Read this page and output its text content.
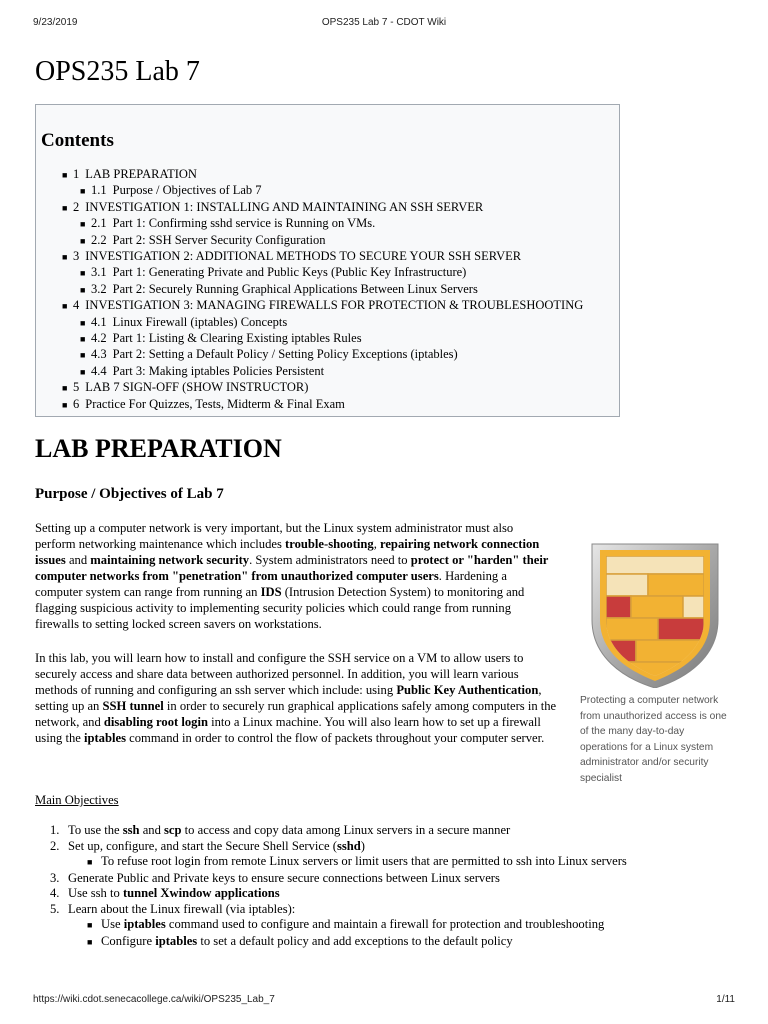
9/23/2019	OPS235 Lab 7 - CDOT Wiki
OPS235 Lab 7
Contents
■ 1 LAB PREPARATION
■ 1.1 Purpose / Objectives of Lab 7
■ 2 INVESTIGATION 1: INSTALLING AND MAINTAINING AN SSH SERVER
■ 2.1 Part 1: Confirming sshd service is Running on VMs.
■ 2.2 Part 2: SSH Server Security Configuration
■ 3 INVESTIGATION 2: ADDITIONAL METHODS TO SECURE YOUR SSH SERVER
■ 3.1 Part 1: Generating Private and Public Keys (Public Key Infrastructure)
■ 3.2 Part 2: Securely Running Graphical Applications Between Linux Servers
■ 4 INVESTIGATION 3: MANAGING FIREWALLS FOR PROTECTION & TROUBLESHOOTING
■ 4.1 Linux Firewall (iptables) Concepts
■ 4.2 Part 1: Listing & Clearing Existing iptables Rules
■ 4.3 Part 2: Setting a Default Policy / Setting Policy Exceptions (iptables)
■ 4.4 Part 3: Making iptables Policies Persistent
■ 5 LAB 7 SIGN-OFF (SHOW INSTRUCTOR)
■ 6 Practice For Quizzes, Tests, Midterm & Final Exam
LAB PREPARATION
Purpose / Objectives of Lab 7

Setting up a computer network is very important, but the Linux system administrator must also perform networking maintenance which includes trouble-shooting, repairing network connection issues and maintaining network security. System administrators need to protect or "harden" their computer networks from "penetration" from unauthorized computer users. Hardening a computer system can range from running an IDS (Intrusion Detection System) to monitoring and flagging suspicious activity to implementing security policies which could range from running firewalls to setting locked screen savers on workstations.

In this lab, you will learn how to install and configure the SSH service on a VM to allow users to securely access and share data between authorized personnel. In addition, you will learn various methods of running and configuring an ssh server which include: using Public Key Authentication, setting up an SSH tunnel in order to securely run graphical applications safely among computers in the network, and disabling root login into a Linux machine. You will also learn how to set up a firewall using the iptables command in order to control the flow of packets throughout your computer server.

Protecting a computer network from unauthorized access is one of the many day-to-day operations for a Linux system administrator and/or security specialist
Main Objectives
1. To use the ssh and scp to access and copy data among Linux servers in a secure manner
2. Set up, configure, and start the Secure Shell Service (sshd)
■ To refuse root login from remote Linux servers or limit users that are permitted to ssh into Linux servers
3. Generate Public and Private keys to ensure secure connections between Linux servers
4. Use ssh to tunnel Xwindow applications
5. Learn about the Linux firewall (via iptables):
■ Use iptables command used to configure and maintain a firewall for protection and troubleshooting
■ Configure iptables to set a default policy and add exceptions to the default policy
https://wiki.cdot.senecacollege.ca/wiki/OPS235_Lab_7	1/11
